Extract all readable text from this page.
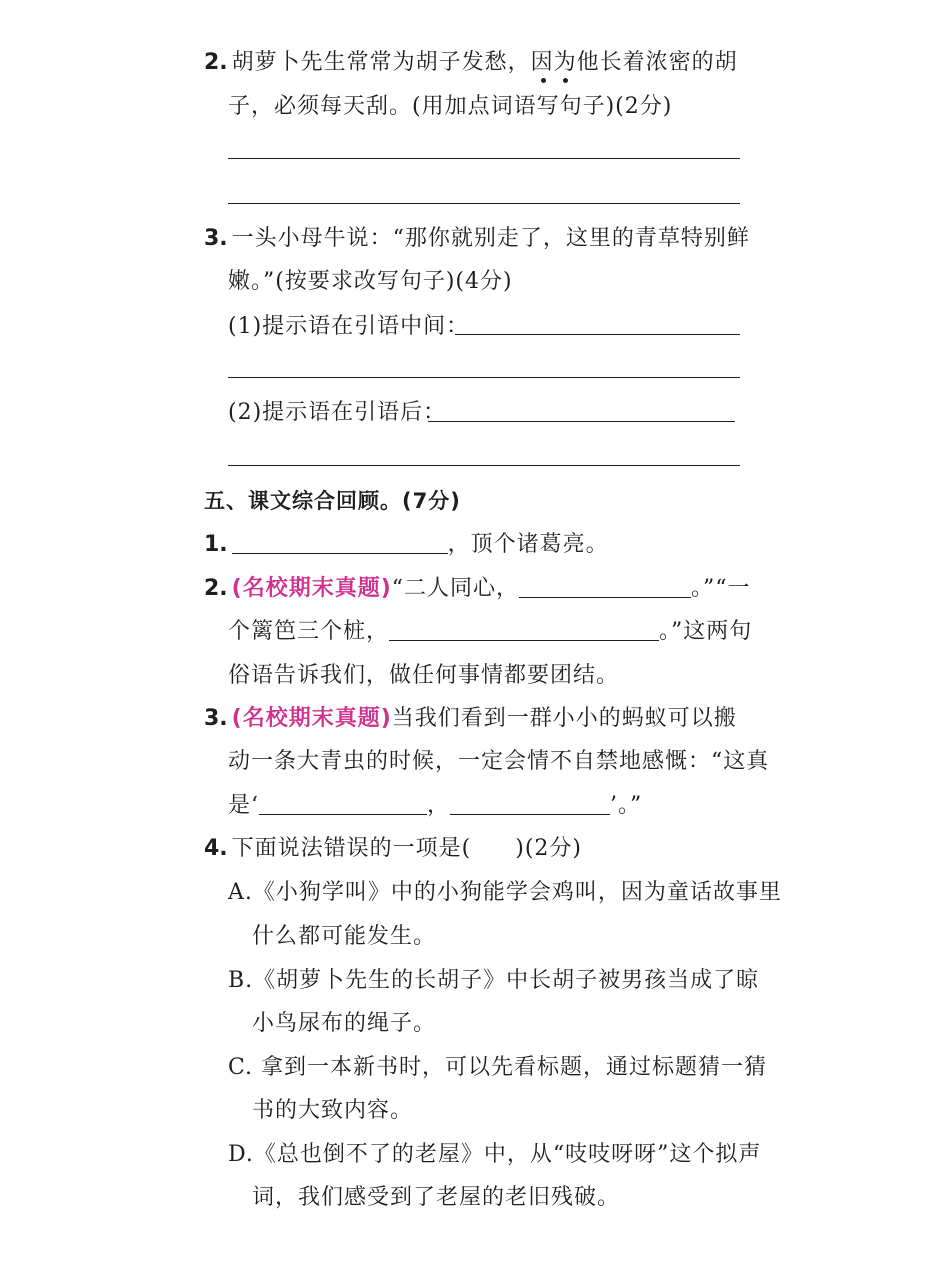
2. 胡萝卜先生常常为胡子发愁，因为他长着浓密的胡
子，必须每天刮。(用加点词语写句子)(2分)
3. 一头小母牛说：“那你就别走了，这里的青草特别鲜
嫩。”(按要求改写句子)(4分)
(1)提示语在引语中间：
(2)提示语在引语后：
五、课文综合回顾。(7分)
1.	，顶个诸葛亮。
2. (名校期末真题)“二人同心，	。”“一
个篱笆三个桩，	。”这两句
俗语告诉我们，做任何事情都要团结。
3. (名校期末真题)当我们看到一群小小的蚂蚁可以搬
动一条大青虫的时候，一定会情不自禁地感慨：“这真
是‘	，	’。”
4. 下面说法错误的一项是( )(2分)
A.《小狗学叫》中的小狗能学会鸡叫，因为童话故事里
什么都可能发生。
B.《胡萝卜先生的长胡子》中长胡子被男孩当成了晾
小鸟尿布的绳子。
C. 拿到一本新书时，可以先看标题，通过标题猜一猜
书的大致内容。
D.《总也倒不了的老屋》中，从“吱吱呀呀”这个拟声
词，我们感受到了老屋的老旧残破。
